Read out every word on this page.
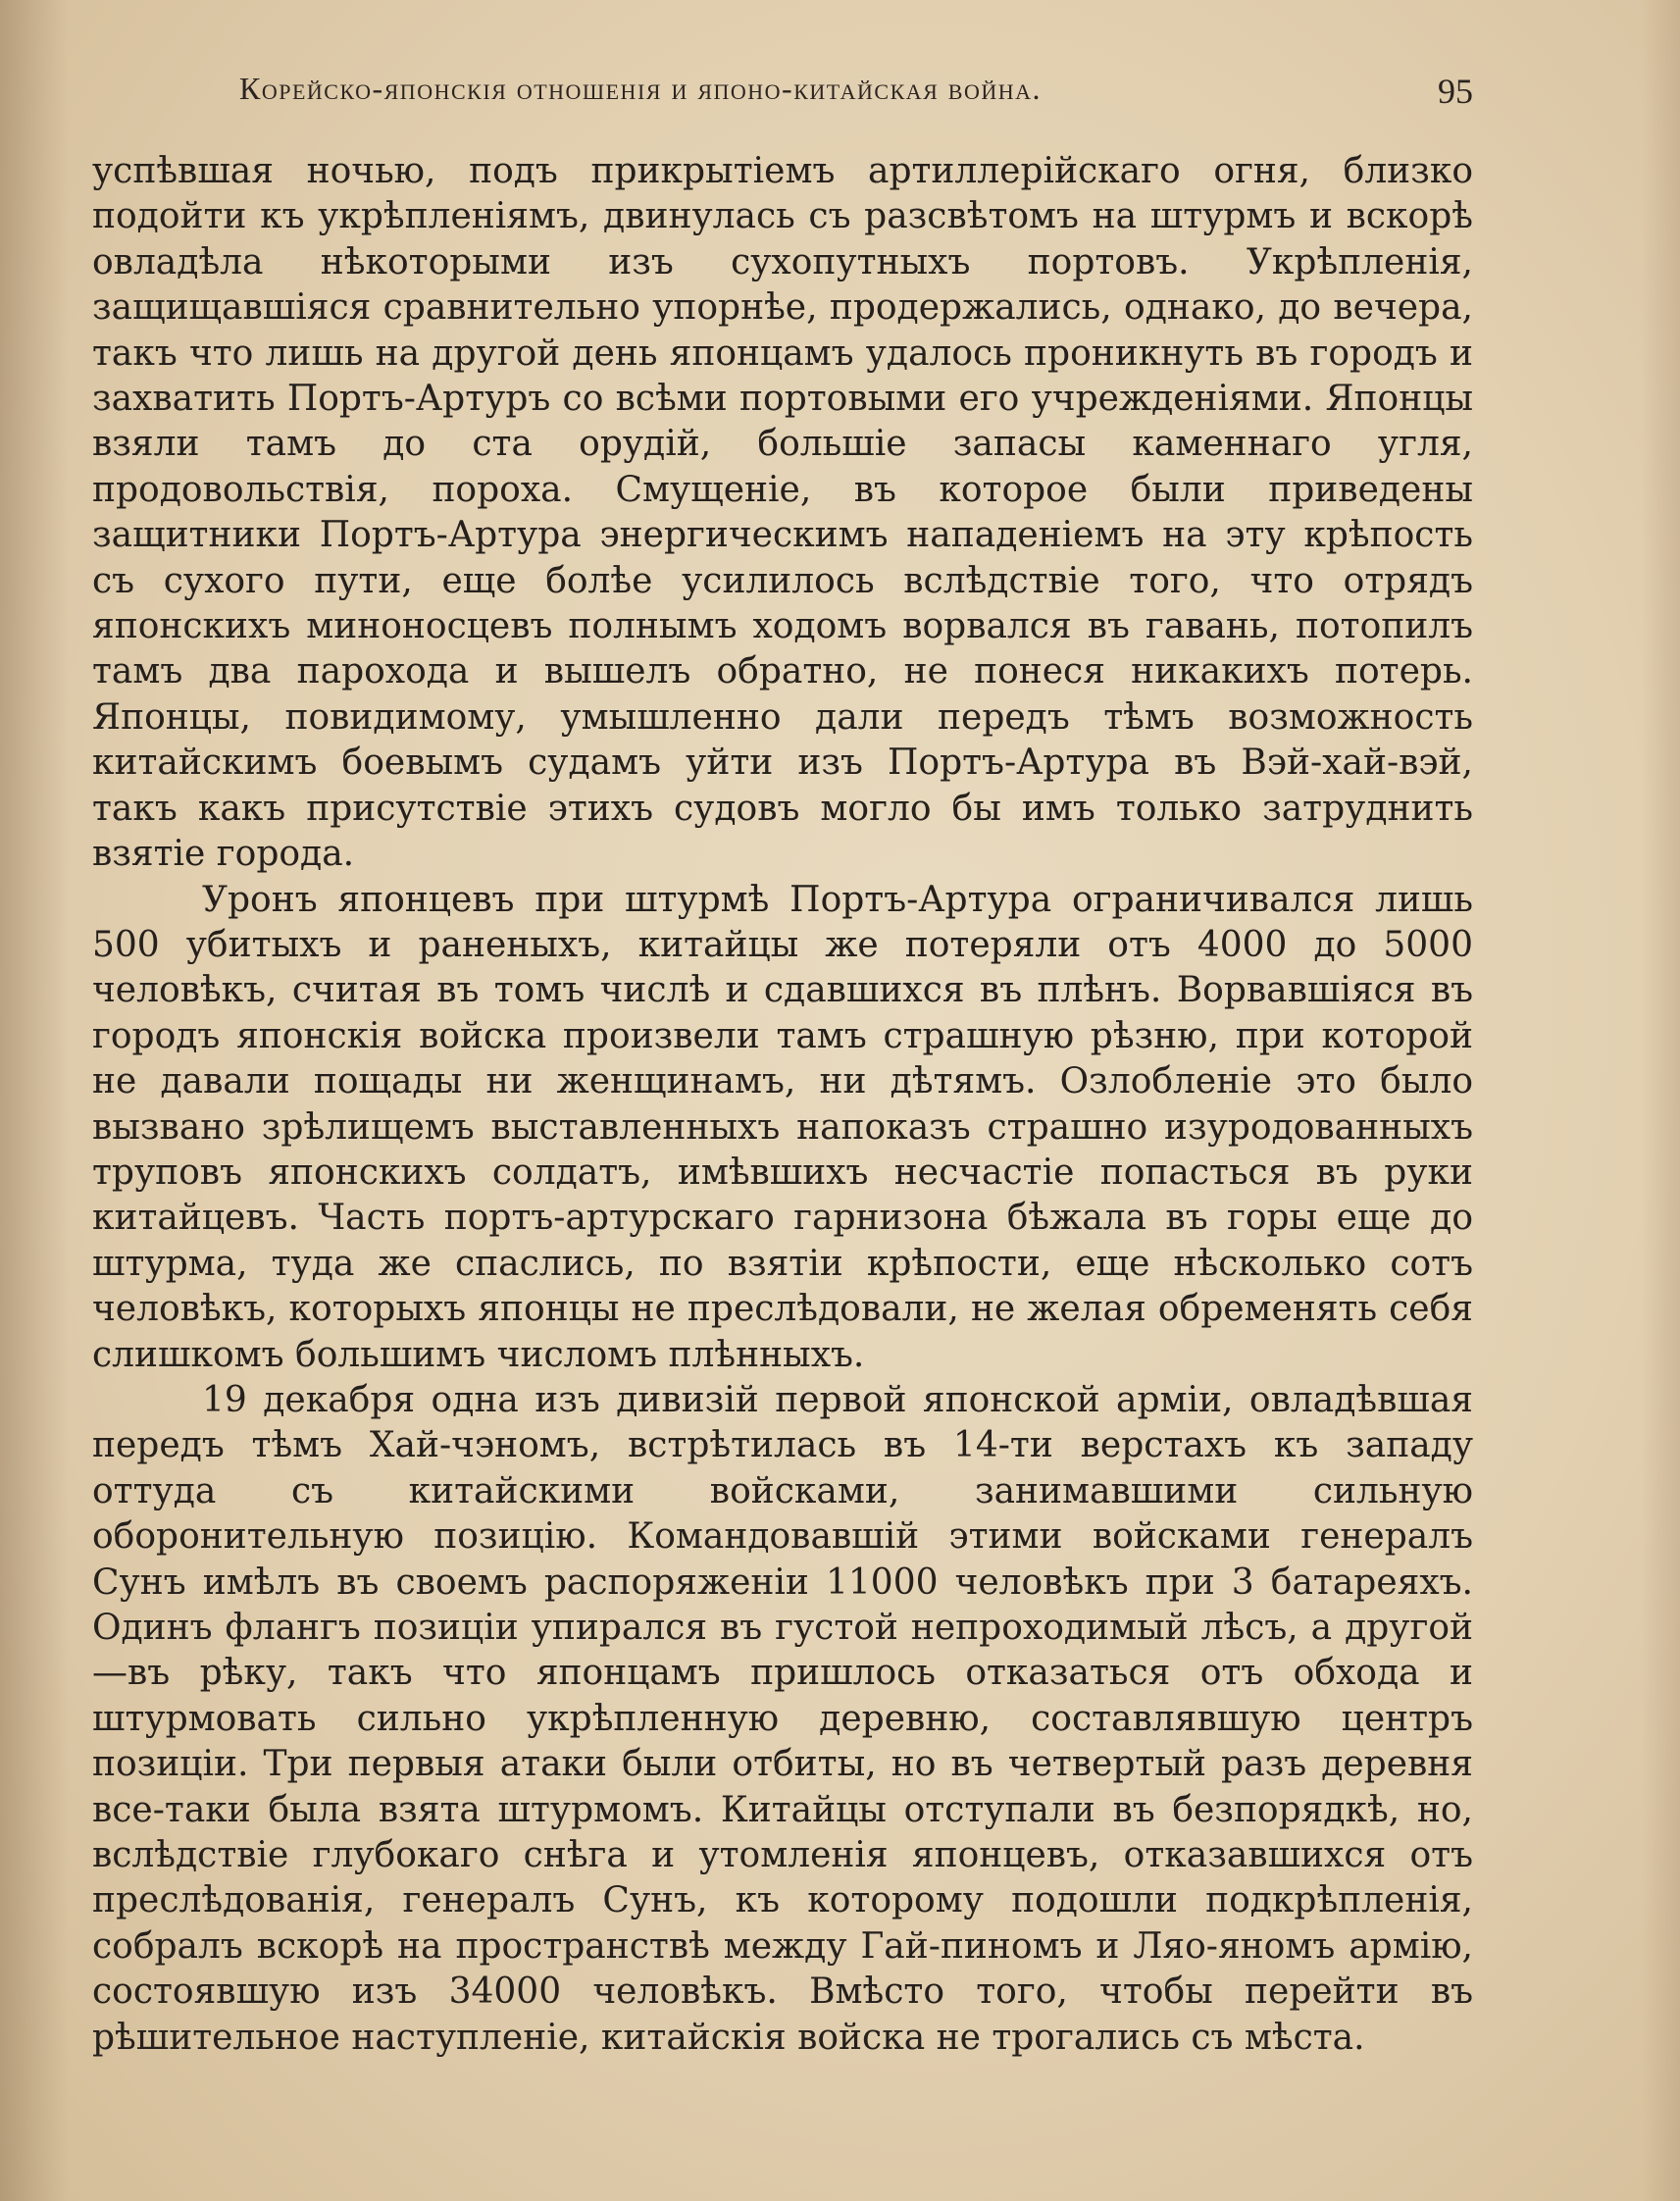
Корейско-японскія отношенія и японо-китайская война.	95

успѣвшая ночью, подъ прикрытіемъ артиллерійскаго огня, близко подойти къ укрѣпленіямъ, двинулась съ разсвѣтомъ на штурмъ и вскорѣ овладѣла нѣкоторыми изъ сухопутныхъ портовъ. Укрѣпленія, защищавшіяся сравнительно упорнѣе, продержались, однако, до вечера, такъ что лишь на другой день японцамъ удалось проникнуть въ городъ и захватить Портъ-Артуръ со всѣми портовыми его учрежденіями. Японцы взяли тамъ до ста орудій, большіе запасы каменнаго угля, продовольствія, пороха. Смущеніе, въ которое были приведены защитники Портъ-Артура энергическимъ нападеніемъ на эту крѣпость съ сухого пути, еще болѣе усилилось вслѣдствіе того, что отрядъ японскихъ миноносцевъ полнымъ ходомъ ворвался въ гавань, потопилъ тамъ два парохода и вышелъ обратно, не понеся никакихъ потерь. Японцы, повидимому, умышленно дали передъ тѣмъ возможность китайскимъ боевымъ судамъ уйти изъ Портъ-Артура въ Вэй-хай-вэй, такъ какъ присутствіе этихъ судовъ могло бы имъ только затруднить взятіе города.

Уронъ японцевъ при штурмѣ Портъ-Артура ограничивался лишь 500 убитыхъ и раненыхъ, китайцы же потеряли отъ 4000 до 5000 человѣкъ, считая въ томъ числѣ и сдавшихся въ плѣнъ. Ворвавшіяся въ городъ японскія войска произвели тамъ страшную рѣзню, при которой не давали пощады ни женщинамъ, ни дѣтямъ. Озлобленіе это было вызвано зрѣлищемъ выставленныхъ напоказъ страшно изуродованныхъ труповъ японскихъ солдатъ, имѣвшихъ несчастіе попасться въ руки китайцевъ. Часть портъ-артурскаго гарнизона бѣжала въ горы еще до штурма, туда же спаслись, по взятіи крѣпости, еще нѣсколько сотъ человѣкъ, которыхъ японцы не преслѣдовали, не желая обременять себя слишкомъ большимъ числомъ плѣнныхъ.

19 декабря одна изъ дивизій первой японской арміи, овладѣвшая передъ тѣмъ Хай-чэномъ, встрѣтилась въ 14-ти верстахъ къ западу оттуда съ китайскими войсками, занимавшими сильную оборонительную позицію. Командовавшій этими войсками генералъ Сунъ имѣлъ въ своемъ распоряженіи 11000 человѣкъ при 3 батареяхъ. Одинъ флангъ позиціи упирался въ густой непроходимый лѣсъ, а другой—въ рѣку, такъ что японцамъ пришлось отказаться отъ обхода и штурмовать сильно укрѣпленную деревню, составлявшую центръ позиціи. Три первыя атаки были отбиты, но въ четвертый разъ деревня все-таки была взята штурмомъ. Китайцы отступали въ безпорядкѣ, но, вслѣдствіе глубокаго снѣга и утомленія японцевъ, отказавшихся отъ преслѣдованія, генералъ Сунъ, къ которому подошли подкрѣпленія, собралъ вскорѣ на пространствѣ между Гай-пиномъ и Ляо-яномъ армію, состоявшую изъ 34000 человѣкъ. Вмѣсто того, чтобы перейти въ рѣшительное наступленіе, китайскія войска не трогались съ мѣста.
